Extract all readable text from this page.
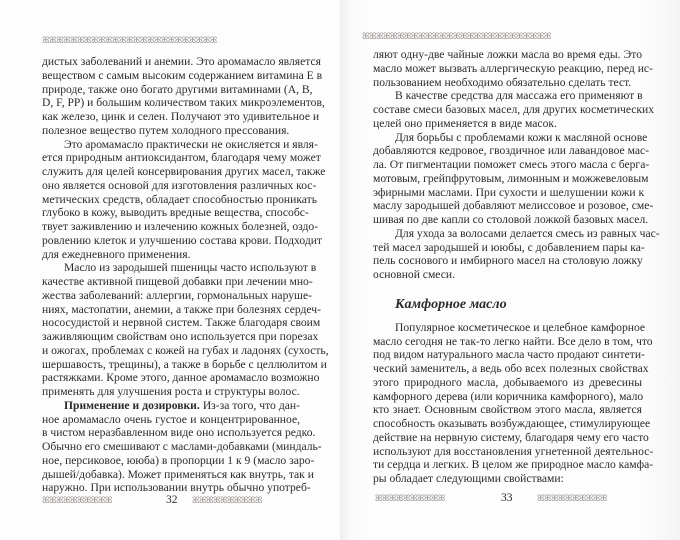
ꕤꕤꕤꕤꕤꕤꕤꕤꕤꕤꕤꕤꕤꕤꕤꕤꕤꕤꕤꕤꕤꕤꕤꕤꕤ
дистых заболеваний и анемии. Это аромамасло является
веществом с самым высоким содержанием витамина Е в
природе, также оно богато другими витаминами (А, В,
D, F, PP) и большим количеством таких микроэлементов,
как железо, цинк и селен. Получают это удивительное и
полезное вещество путем холодного прессования.
Это аромамасло практически не окисляется и явля-
ется природным антиоксидантом, благодаря чему может
служить для целей консервирования других масел, также
оно является основой для изготовления различных кос-
метических средств, обладает способностью проникать
глубоко в кожу, выводить вредные вещества, способс-
твует заживлению и излечению кожных болезней, оздо-
ровлению клеток и улучшению состава крови. Подходит
для ежедневного применения.
Масло из зародышей пшеницы часто используют в
качестве активной пищевой добавки при лечении мно-
жества заболеваний: аллергии, гормональных наруше-
ниях, мастопатии, анемии, а также при болезнях сердеч-
нососудистой и нервной систем. Также благодаря своим
заживляющим свойствам оно используется при порезах
и ожогах, проблемах с кожей на губах и ладонях (сухость,
шершавость, трещины), а также в борьбе с целлюлитом и
растяжками. Кроме этого, данное аромамасло возможно
применять для улучшения роста и структуры волос.
Применение и дозировки. Из-за того, что дан-
ное аромамасло очень густое и концентрированное,
в чистом неразбавленном виде оно используется редко.
Обычно его смешивают с маслами-добавками (миндаль-
ное, персиковое, ююба) в пропорции 1 к 9 (масло заро-
дышей/добавка). Может применяться как внутрь, так и
наружно. При использовании внутрь обычно употреб-
ꕤꕤꕤꕤꕤꕤꕤꕤꕤꕤ	32 ꕤꕤꕤꕤꕤꕤꕤꕤꕤꕤ
ꕤꕤꕤꕤꕤꕤꕤꕤꕤꕤꕤꕤꕤꕤꕤꕤꕤꕤꕤꕤꕤꕤꕤꕤꕤꕤꕤ
ляют одну-две чайные ложки масла во время еды. Это
масло может вызвать аллергическую реакцию, перед ис-
пользованием необходимо обязательно сделать тест.
В качестве средства для массажа его применяют в
составе смеси базовых масел, для других косметических
целей оно применяется в виде масок.
Для борьбы с проблемами кожи к масляной основе
добавляются кедровое, гвоздичное или лавандовое мас-
ла. От пигментации поможет смесь этого масла с берга-
мотовым, грейпфрутовым, лимонным и можжевеловым
эфирными маслами. При сухости и шелушении кожи к
маслу зародышей добавляют мелиссовое и розовое, сме-
шивая по две капли со столовой ложкой базовых масел.
Для ухода за волосами делается смесь из равных час-
тей масел зародышей и ююбы, с добавлением пары ка-
пель соснового и имбирного масел на столовую ложку
основной смеси.
Камфорное масло
Популярное косметическое и целебное камфорное
масло сегодня не так-то легко найти. Все дело в том, что
под видом натурального масла часто продают синтети-
ческий заменитель, а ведь обо всех полезных свойствах
этого природного масла, добываемого из древесины
камфорного дерева (или коричника камфорного), мало
кто знает. Основным свойством этого масла, является
способность оказывать возбуждающее, стимулирующее
действие на нервную систему, благодаря чему его часто
используют для восстановления угнетенной деятельнос-
ти сердца и легких. В целом же природное масло камфа-
ры обладает следующими свойствами:
ꕤꕤꕤꕤꕤꕤꕤꕤꕤꕤ	33	ꕤꕤꕤꕤꕤꕤꕤꕤꕤꕤ
